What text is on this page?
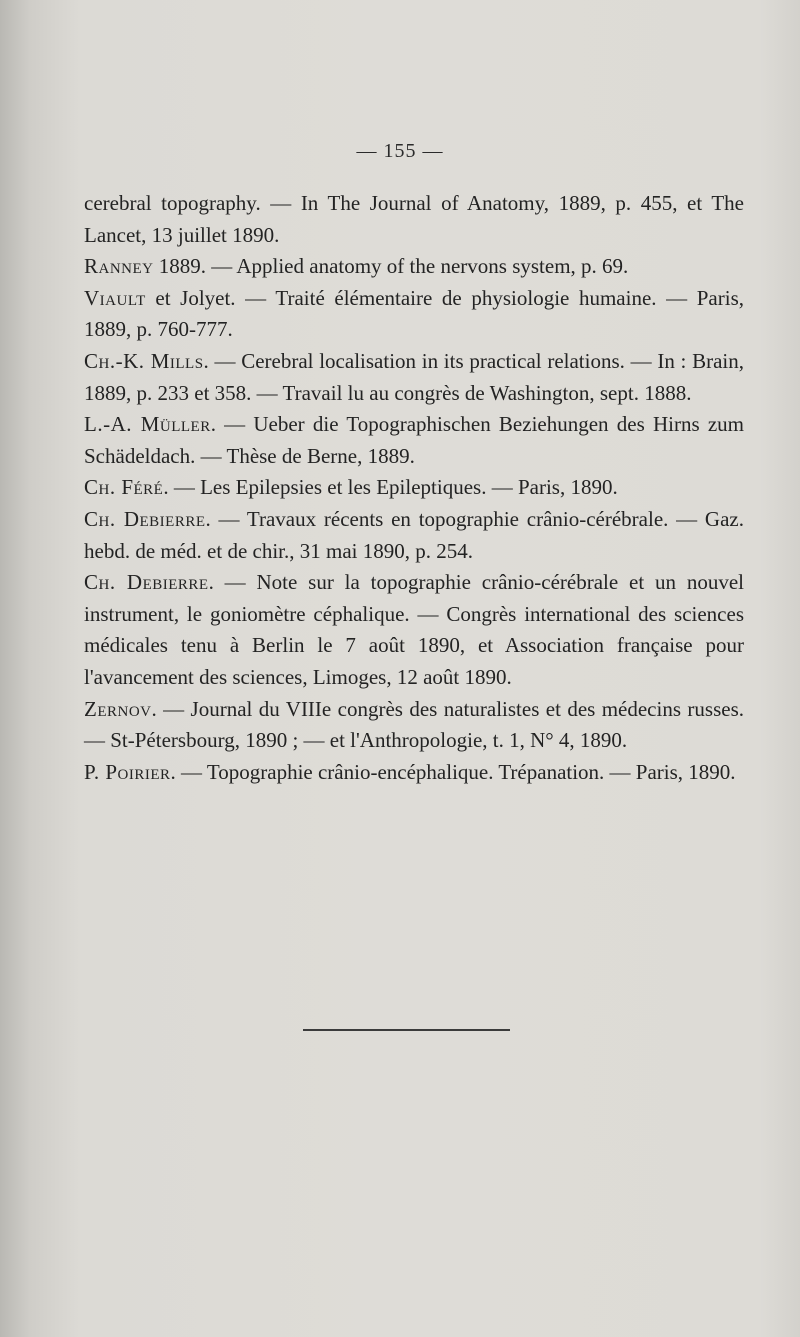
— 155 —

cerebral topography. — In The Journal of Anatomy, 1889, p. 455, et The Lancet, 13 juillet 1890.

Ranney 1889. — Applied anatomy of the nervons system, p. 69.

Viault et Jolyet. — Traité élémentaire de physiologie humaine. — Paris, 1889, p. 760-777.

Ch.-K. Mills. — Cerebral localisation in its practical relations. — In : Brain, 1889, p. 233 et 358. — Travail lu au congrès de Washington, sept. 1888.

L.-A. Müller. — Ueber die Topographischen Beziehungen des Hirns zum Schädeldach. — Thèse de Berne, 1889.

Ch. Féré. — Les Epilepsies et les Epileptiques. — Paris, 1890.

Ch. Debierre. — Travaux récents en topographie crânio-cérébrale. — Gaz. hebd. de méd. et de chir., 31 mai 1890, p. 254.

Ch. Debierre. — Note sur la topographie crânio-cérébrale et un nouvel instrument, le goniomètre céphalique. — Congrès international des sciences médicales tenu à Berlin le 7 août 1890, et Association française pour l'avancement des sciences, Limoges, 12 août 1890.

Zernov. — Journal du VIIIe congrès des naturalistes et des médecins russes. — St-Pétersbourg, 1890 ; — et l'Anthropologie, t. 1, N° 4, 1890.

P. Poirier. — Topographie crânio-encéphalique. Trépanation. — Paris, 1890.
